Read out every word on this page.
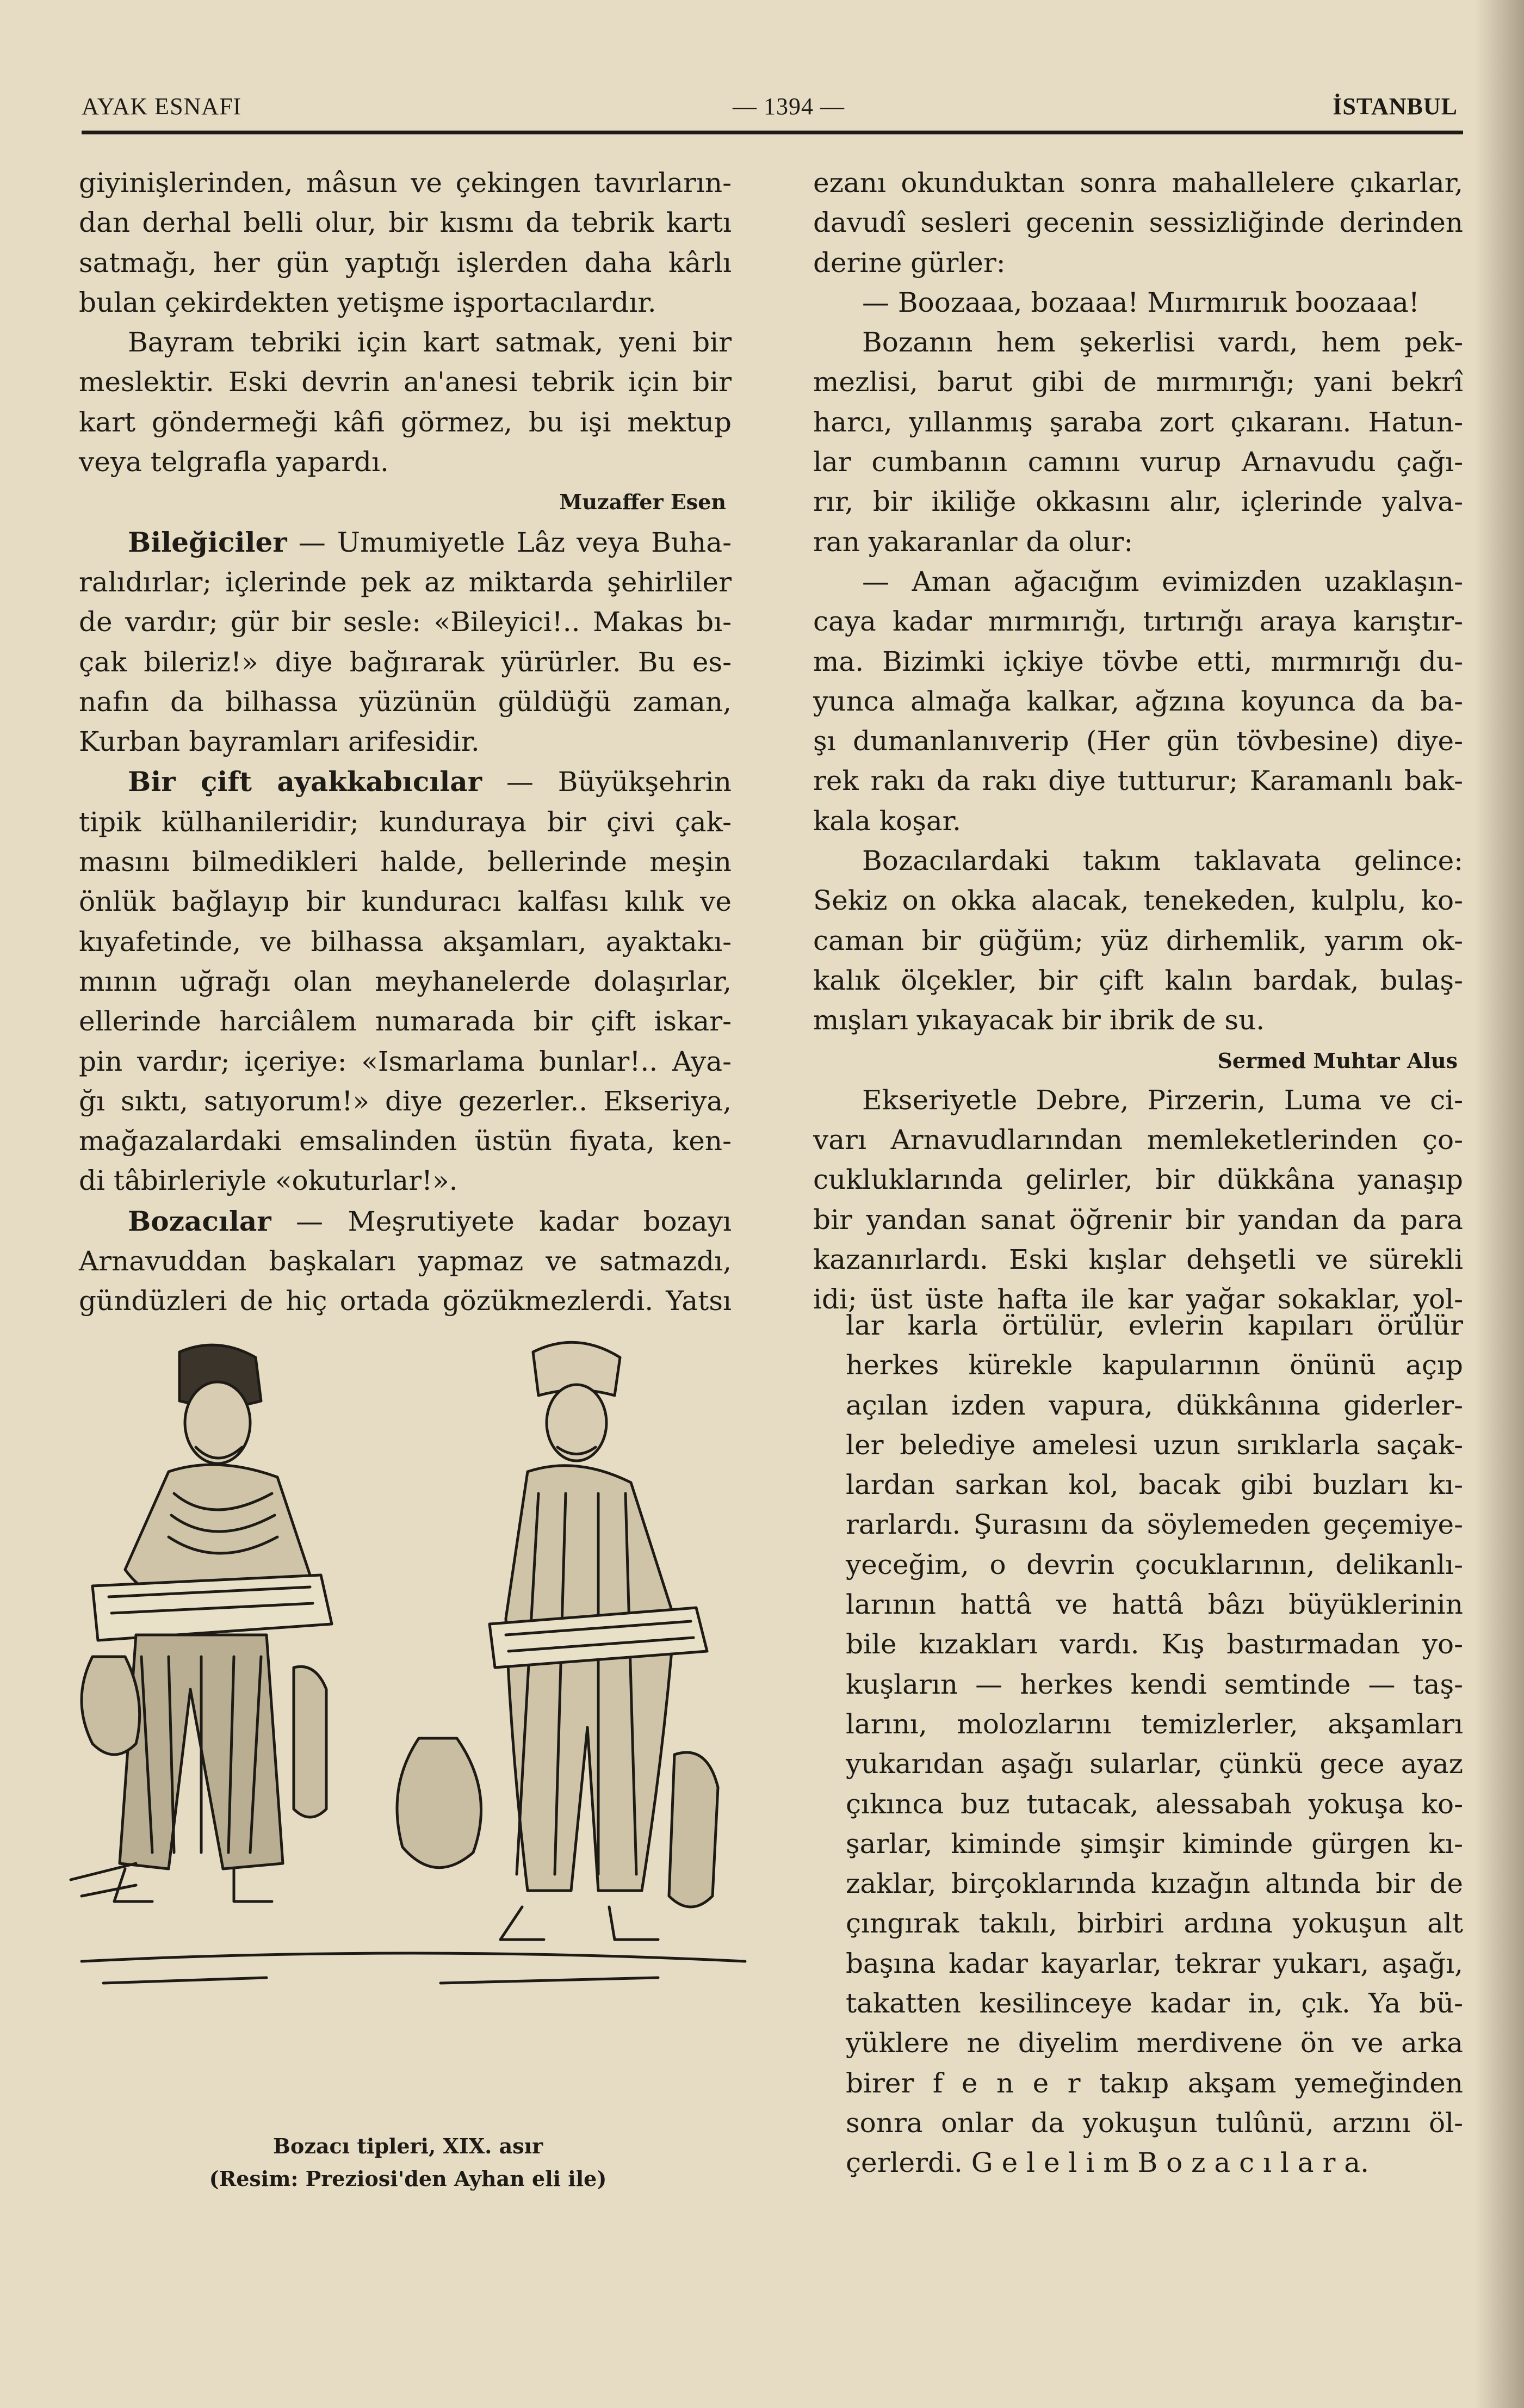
AYAK ESNAFI	— 1394 —	İSTANBUL
giyinişlerinden, mâsun ve çekingen tavırların-
dan derhal belli olur, bir kısmı da tebrik kartı
satmağı, her gün yaptığı işlerden daha kârlı
bulan çekirdekten yetişme işportacılardır.
Bayram tebriki için kart satmak, yeni bir
meslektir. Eski devrin an'anesi tebrik için bir
kart göndermeği kâfi görmez, bu işi mektup
veya telgrafla yapardı.
Muzaffer Esen
Bileğiciler — Umumiyetle Lâz veya Buha-
ralıdırlar; içlerinde pek az miktarda şehirliler
de vardır; gür bir sesle: «Bileyici!.. Makas bı-
çak bileriz!» diye bağırarak yürürler. Bu es-
nafın da bilhassa yüzünün güldüğü zaman,
Kurban bayramları arifesidir.
Bir çift ayakkabıcılar — Büyükşehrin
tipik külhanileridir; kunduraya bir çivi çak-
masını bilmedikleri halde, bellerinde meşin
önlük bağlayıp bir kunduracı kalfası kılık ve
kıyafetinde, ve bilhassa akşamları, ayaktakı-
mının uğrağı olan meyhanelerde dolaşırlar,
ellerinde harciâlem numarada bir çift iskar-
pin vardır; içeriye: «Ismarlama bunlar!.. Aya-
ğı sıktı, satıyorum!» diye gezerler.. Ekseriya,
mağazalardaki emsalinden üstün fiyata, ken-
di tâbirleriyle «okuturlar!».
Bozacılar — Meşrutiyete kadar bozayı
Arnavuddan başkaları yapmaz ve satmazdı,
gündüzleri de hiç ortada gözükmezlerdi. Yatsı
Bozacı tipleri, XIX. asır
(Resim: Preziosi'den Ayhan eli ile)
ezanı okunduktan sonra mahallelere çıkarlar,
davudî sesleri gecenin sessizliğinde derinden
derine gürler:
— Boozaaa, bozaaa! Mıırmırıık boozaaa!
Bozanın hem şekerlisi vardı, hem pek-
mezlisi, barut gibi de mırmırığı; yani bekrî
harcı, yıllanmış şaraba zort çıkaranı. Hatun-
lar cumbanın camını vurup Arnavudu çağı-
rır, bir ikiliğe okkasını alır, içlerinde yalva-
ran yakaranlar da olur:
— Aman ağacığım evimizden uzaklaşın-
caya kadar mırmırığı, tırtırığı araya karıştır-
ma. Bizimki içkiye tövbe etti, mırmırığı du-
yunca almağa kalkar, ağzına koyunca da ba-
şı dumanlanıverip (Her gün tövbesine) diye-
rek rakı da rakı diye tutturur; Karamanlı bak-
kala koşar.
Bozacılardaki takım taklavata gelince:
Sekiz on okka alacak, tenekeden, kulplu, ko-
caman bir güğüm; yüz dirhemlik, yarım ok-
kalık ölçekler, bir çift kalın bardak, bulaş-
mışları yıkayacak bir ibrik de su.
Sermed Muhtar Alus
Ekseriyetle Debre, Pirzerin, Luma ve ci-
varı Arnavudlarından memleketlerinden ço-
cukluklarında gelirler, bir dükkâna yanaşıp
bir yandan sanat öğrenir bir yandan da para
kazanırlardı. Eski kışlar dehşetli ve sürekli
idi; üst üste hafta ile kar yağar sokaklar, yol-
lar karla örtülür, evlerin kapıları örülür
herkes kürekle kapularının önünü açıp
açılan izden vapura, dükkânına giderler-
ler belediye amelesi uzun sırıklarla saçak-
lardan sarkan kol, bacak gibi buzları kı-
rarlardı. Şurasını da söylemeden geçemiye-
yeceğim, o devrin çocuklarının, delikanlı-
larının hattâ ve hattâ bâzı büyüklerinin
bile kızakları vardı. Kış bastırmadan yo-
kuşların — herkes kendi semtinde — taş-
larını, molozlarını temizlerler, akşamları
yukarıdan aşağı sularlar, çünkü gece ayaz
çıkınca buz tutacak, alessabah yokuşa ko-
şarlar, kiminde şimşir kiminde gürgen kı-
zaklar, birçoklarında kızağın altında bir de
çıngırak takılı, birbiri ardına yokuşun alt
başına kadar kayarlar, tekrar yukarı, aşağı,
takatten kesilinceye kadar in, çık. Ya bü-
yüklere ne diyelim merdivene ön ve arka
birer f e n e r takıp akşam yemeğinden
sonra onlar da yokuşun tulûnü, arzını öl-
çerlerdi. G e l e l i m B o z a c ı l a r a.
